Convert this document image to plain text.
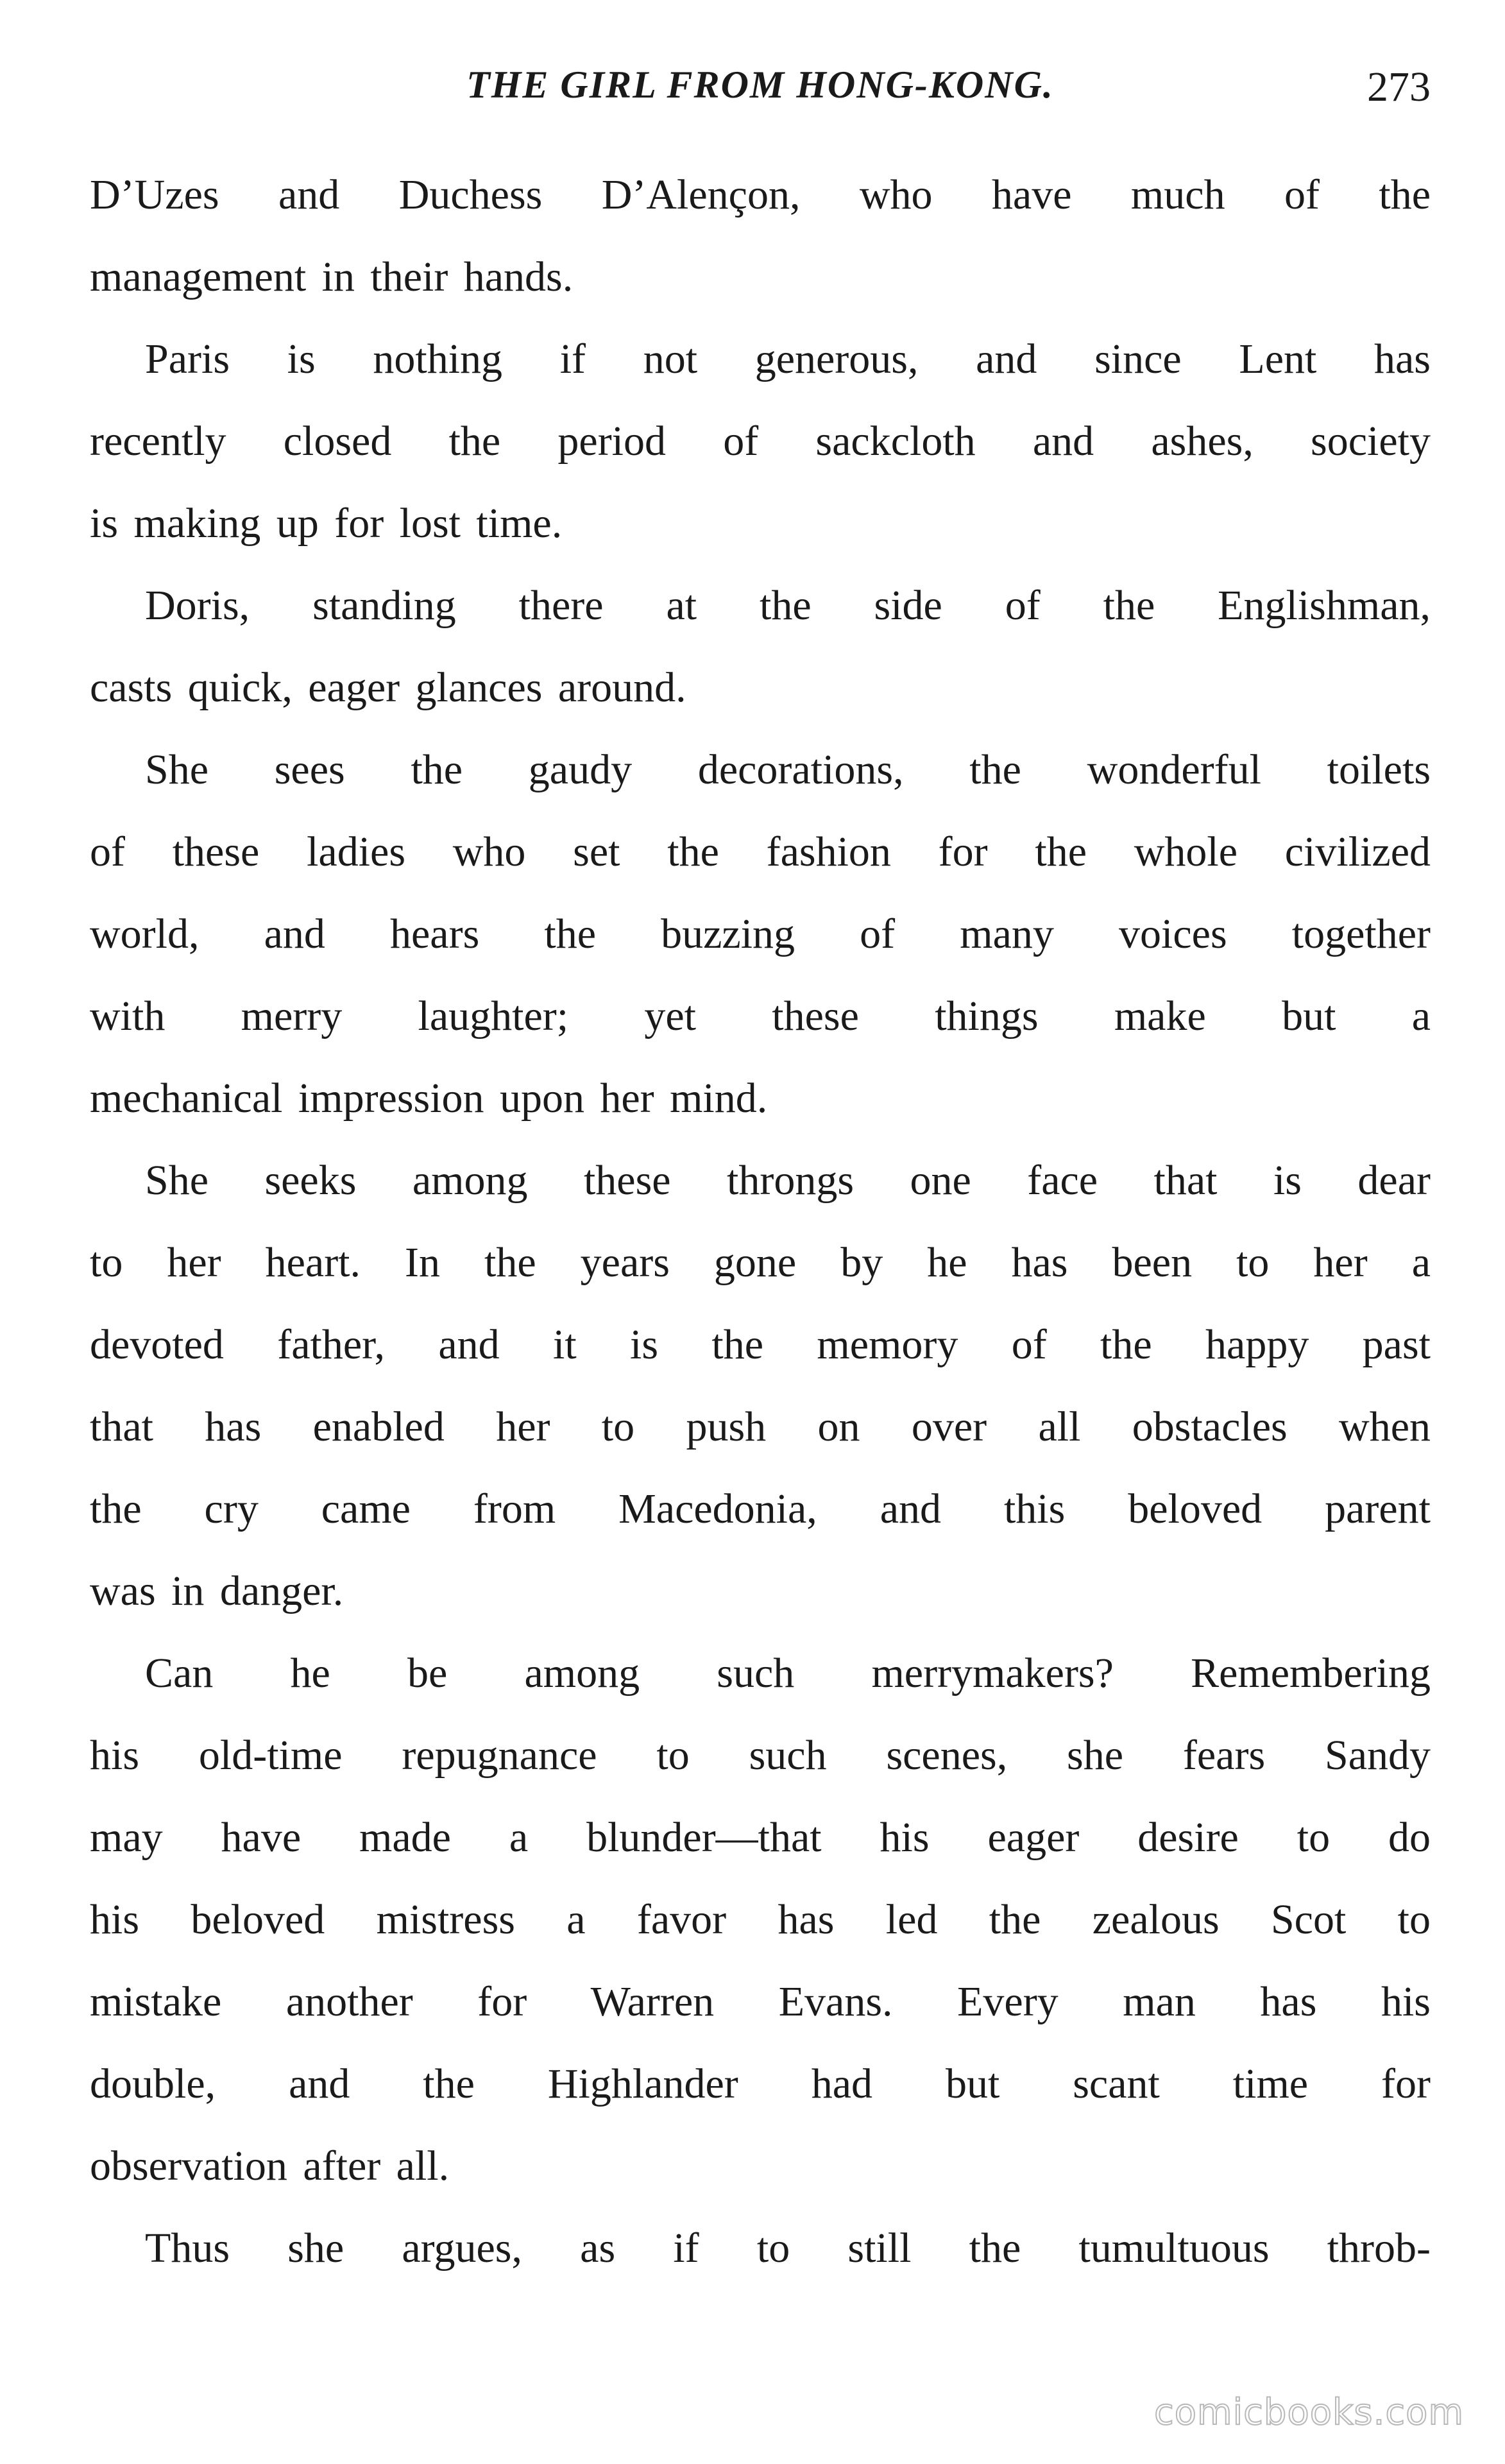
THE GIRL FROM HONG-KONG.	273

D’Uzes and Duchess D’Alençon, who have much of the

management in their hands.

Paris is nothing if not generous, and since Lent has

recently closed the period of sackcloth and ashes, society

is making up for lost time.

Doris, standing there at the side of the Englishman,

casts quick, eager glances around.

She sees the gaudy decorations, the wonderful toilets

of these ladies who set the fashion for the whole civilized

world, and hears the buzzing of many voices together

with merry laughter; yet these things make but a

mechanical impression upon her mind.

She seeks among these throngs one face that is dear

to her heart. In the years gone by he has been to her a

devoted father, and it is the memory of the happy past

that has enabled her to push on over all obstacles when

the cry came from Macedonia, and this beloved parent

was in danger.

Can he be among such merrymakers? Remembering

his old-time repugnance to such scenes, she fears Sandy

may have made a blunder—that his eager desire to do

his beloved mistress a favor has led the zealous Scot to

mistake another for Warren Evans. Every man has his

double, and the Highlander had but scant time for

observation after all.

Thus she argues, as if to still the tumultuous throb-

comicbooks.com
